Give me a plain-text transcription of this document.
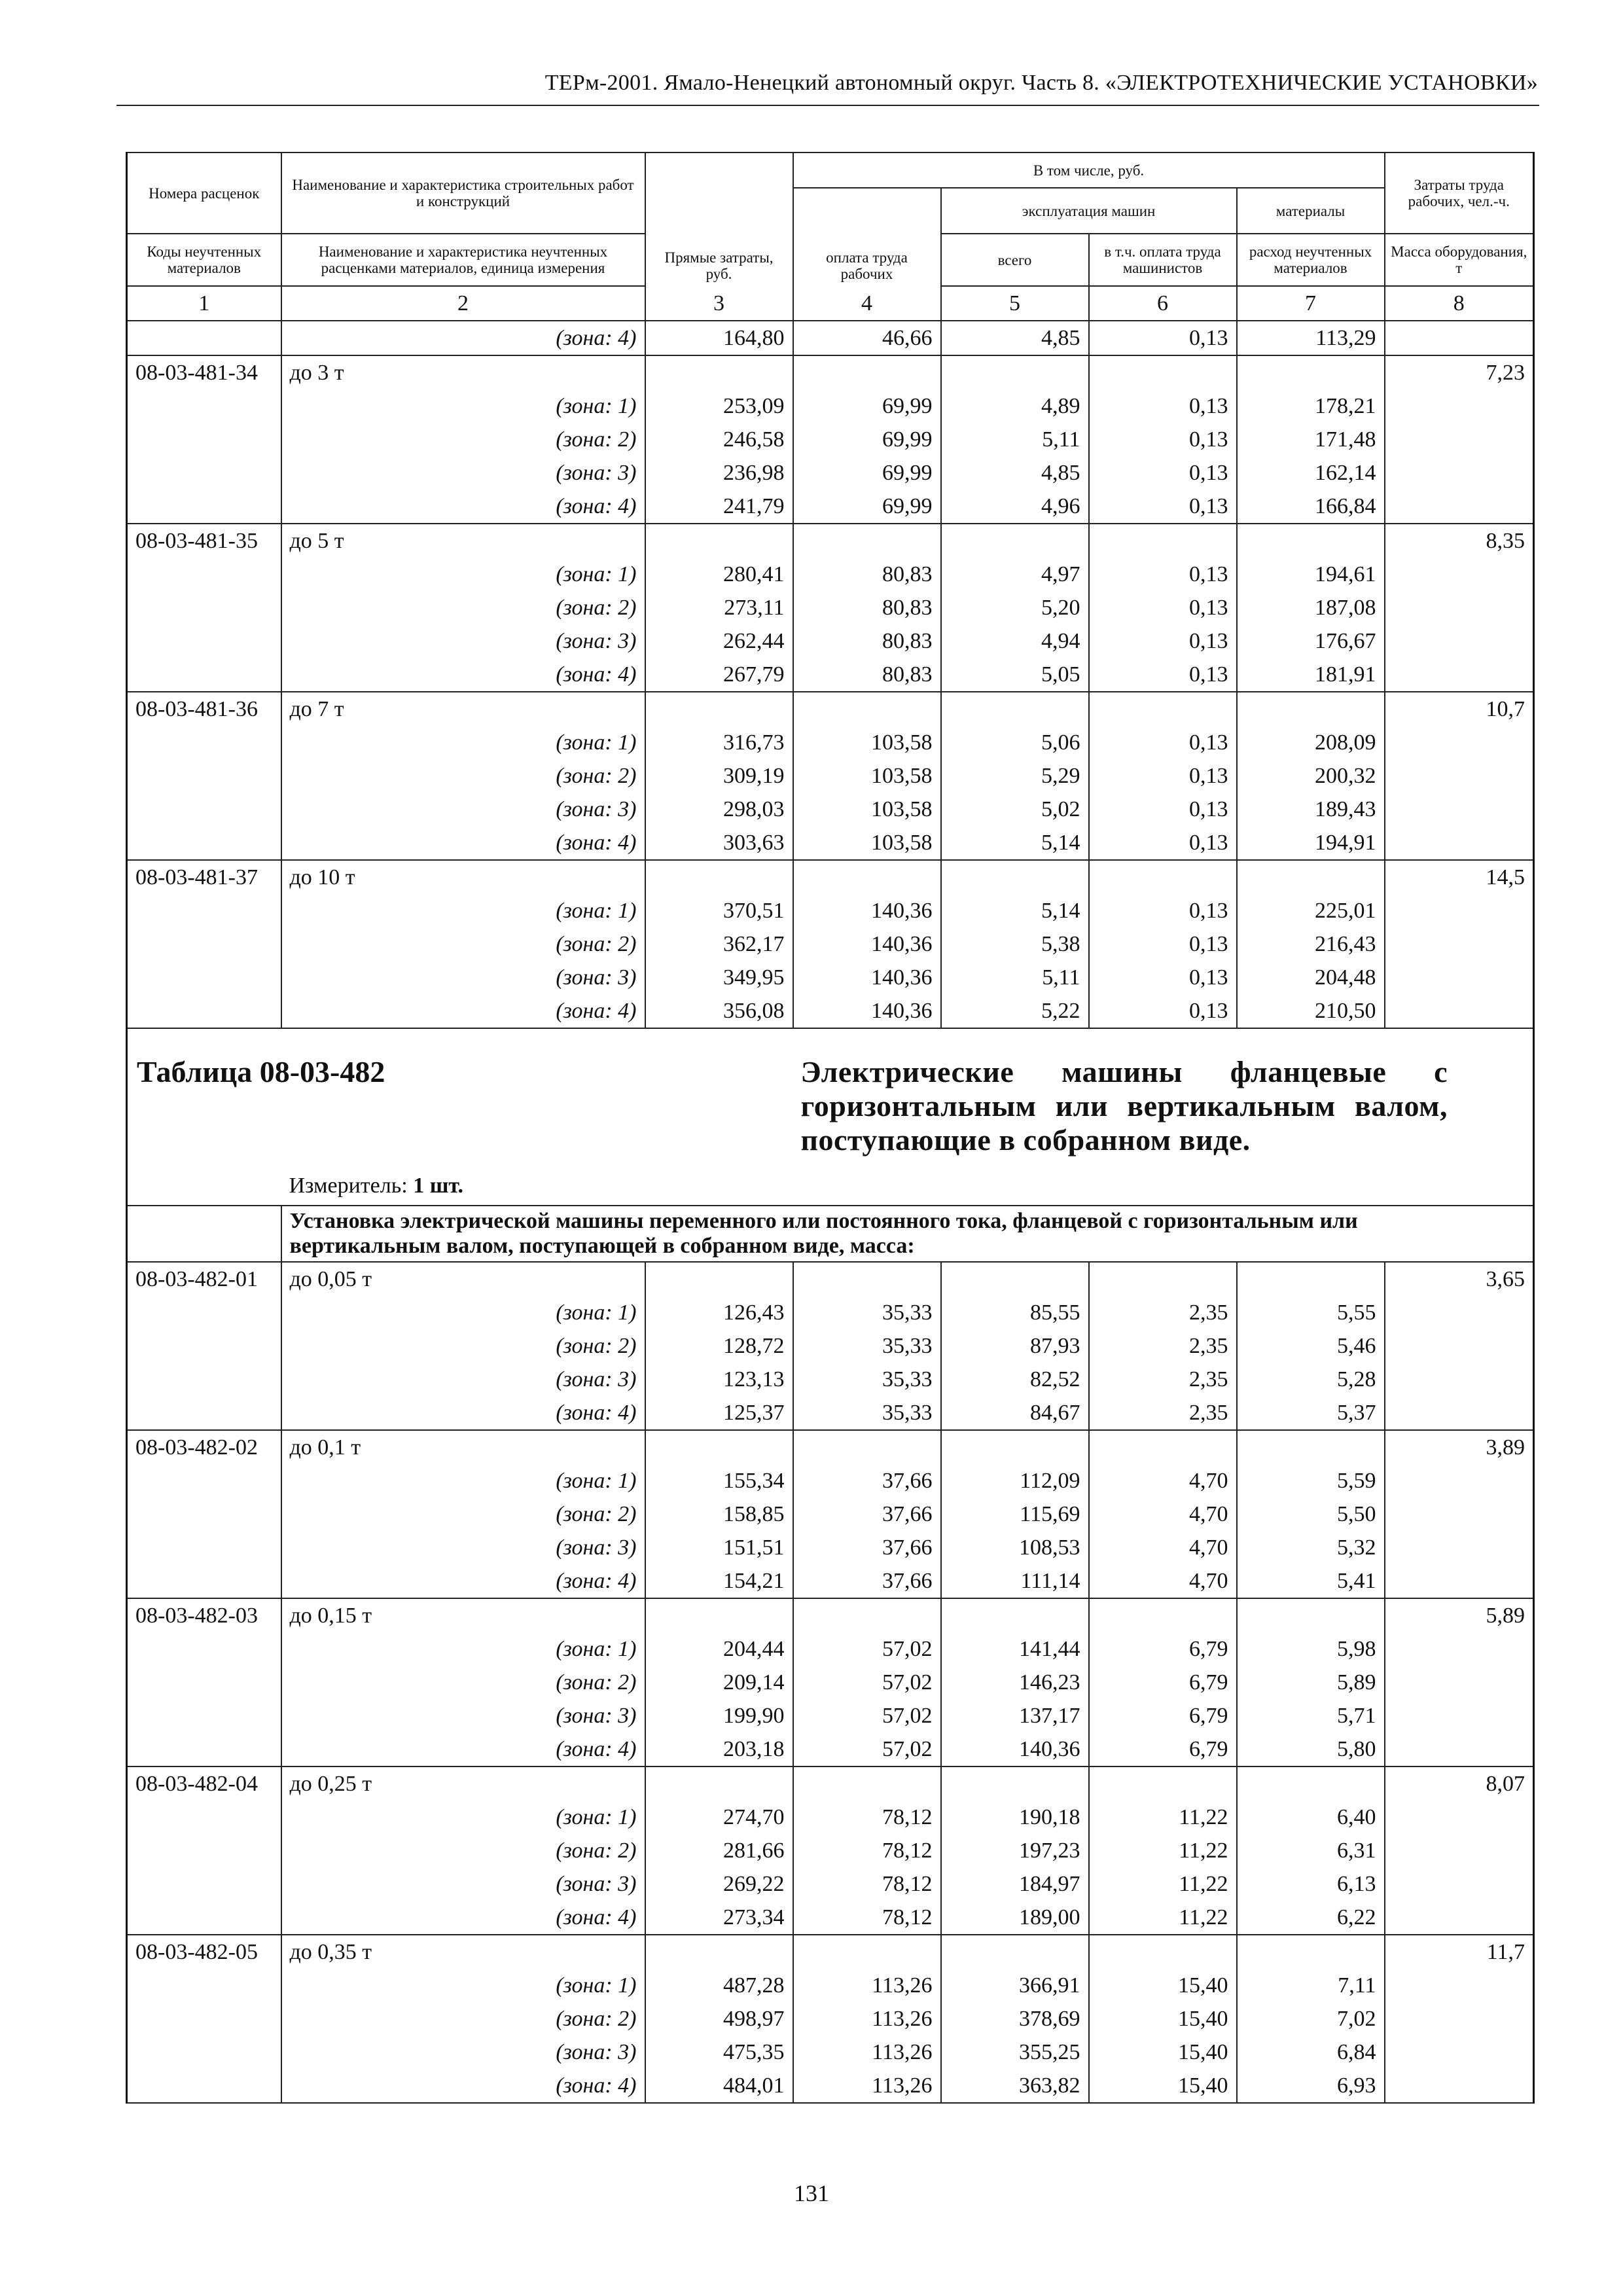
ТЕРм-2001. Ямало-Ненецкий автономный округ. Часть 8. «ЭЛЕКТРОТЕХНИЧЕСКИЕ УСТАНОВКИ»
Номера расценок	Наименование и характеристика строительных работ и конструкций	Прямые затраты, руб.	В том числе, руб.				Затраты труда рабочих, чел.-ч.
			оплата труда рабочих	эксплуатация машин		материалы	
Коды неучтенных материалов	Наименование и характеристика неучтенных расценками материалов, единица измерения			всего	в т.ч. оплата труда машинистов	расход неучтенных материалов	Масса оборудования, т
1	2	3	4	5	6	7	8
	(зона: 4)	164,80	46,66	4,85	0,13	113,29	
08-03-481-34	до 3 т						7,23
	(зона: 1)	253,09	69,99	4,89	0,13	178,21	
	(зона: 2)	246,58	69,99	5,11	0,13	171,48	
	(зона: 3)	236,98	69,99	4,85	0,13	162,14	
	(зона: 4)	241,79	69,99	4,96	0,13	166,84	
08-03-481-35	до 5 т						8,35
	(зона: 1)	280,41	80,83	4,97	0,13	194,61	
	(зона: 2)	273,11	80,83	5,20	0,13	187,08	
	(зона: 3)	262,44	80,83	4,94	0,13	176,67	
	(зона: 4)	267,79	80,83	5,05	0,13	181,91	
08-03-481-36	до 7 т						10,7
	(зона: 1)	316,73	103,58	5,06	0,13	208,09	
	(зона: 2)	309,19	103,58	5,29	0,13	200,32	
	(зона: 3)	298,03	103,58	5,02	0,13	189,43	
	(зона: 4)	303,63	103,58	5,14	0,13	194,91	
08-03-481-37	до 10 т						14,5
	(зона: 1)	370,51	140,36	5,14	0,13	225,01	
	(зона: 2)	362,17	140,36	5,38	0,13	216,43	
	(зона: 3)	349,95	140,36	5,11	0,13	204,48	
	(зона: 4)	356,08	140,36	5,22	0,13	210,50	
Таблица 08-03-482			Электрические машины фланцевые с горизонтальным или вертикальным валом, поступающие в собранном виде.				
	Измеритель: 1 шт.						
	Установка электрической машины переменного или постоянного тока, фланцевой с горизонтальным или вертикальным валом, поступающей в собранном виде, масса:						
08-03-482-01	до 0,05 т						3,65
	(зона: 1)	126,43	35,33	85,55	2,35	5,55	
	(зона: 2)	128,72	35,33	87,93	2,35	5,46	
	(зона: 3)	123,13	35,33	82,52	2,35	5,28	
	(зона: 4)	125,37	35,33	84,67	2,35	5,37	
08-03-482-02	до 0,1 т						3,89
	(зона: 1)	155,34	37,66	112,09	4,70	5,59	
	(зона: 2)	158,85	37,66	115,69	4,70	5,50	
	(зона: 3)	151,51	37,66	108,53	4,70	5,32	
	(зона: 4)	154,21	37,66	111,14	4,70	5,41	
08-03-482-03	до 0,15 т						5,89
	(зона: 1)	204,44	57,02	141,44	6,79	5,98	
	(зона: 2)	209,14	57,02	146,23	6,79	5,89	
	(зона: 3)	199,90	57,02	137,17	6,79	5,71	
	(зона: 4)	203,18	57,02	140,36	6,79	5,80	
08-03-482-04	до 0,25 т						8,07
	(зона: 1)	274,70	78,12	190,18	11,22	6,40	
	(зона: 2)	281,66	78,12	197,23	11,22	6,31	
	(зона: 3)	269,22	78,12	184,97	11,22	6,13	
	(зона: 4)	273,34	78,12	189,00	11,22	6,22	
08-03-482-05	до 0,35 т						11,7
	(зона: 1)	487,28	113,26	366,91	15,40	7,11	
	(зона: 2)	498,97	113,26	378,69	15,40	7,02	
	(зона: 3)	475,35	113,26	355,25	15,40	6,84	
	(зона: 4)	484,01	113,26	363,82	15,40	6,93	
131
